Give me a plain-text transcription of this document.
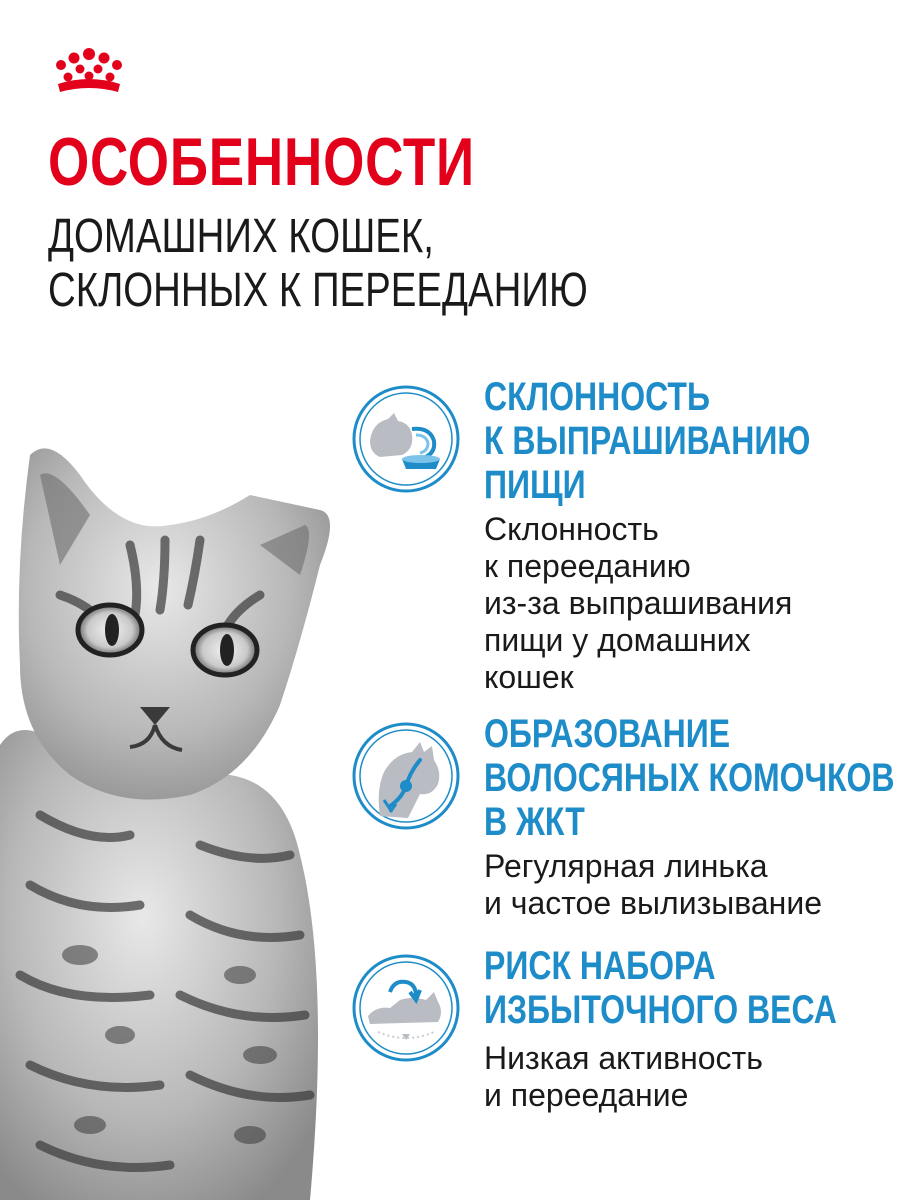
ОСОБЕННОСТИ
ДОМАШНИХ КОШЕК,
СКЛОННЫХ К ПЕРЕЕДАНИЮ
СКЛОННОСТЬ
К ВЫПРАШИВАНИЮ
ПИЩИ
Склонность
к перееданию
из-за выпрашивания
пищи у домашних
кошек
ОБРАЗОВАНИЕ
ВОЛОСЯНЫХ КОМОЧКОВ
В ЖКТ
Регулярная линька
и частое вылизывание
РИСК НАБОРА
ИЗБЫТОЧНОГО ВЕСА
Низкая активность
и переедание
